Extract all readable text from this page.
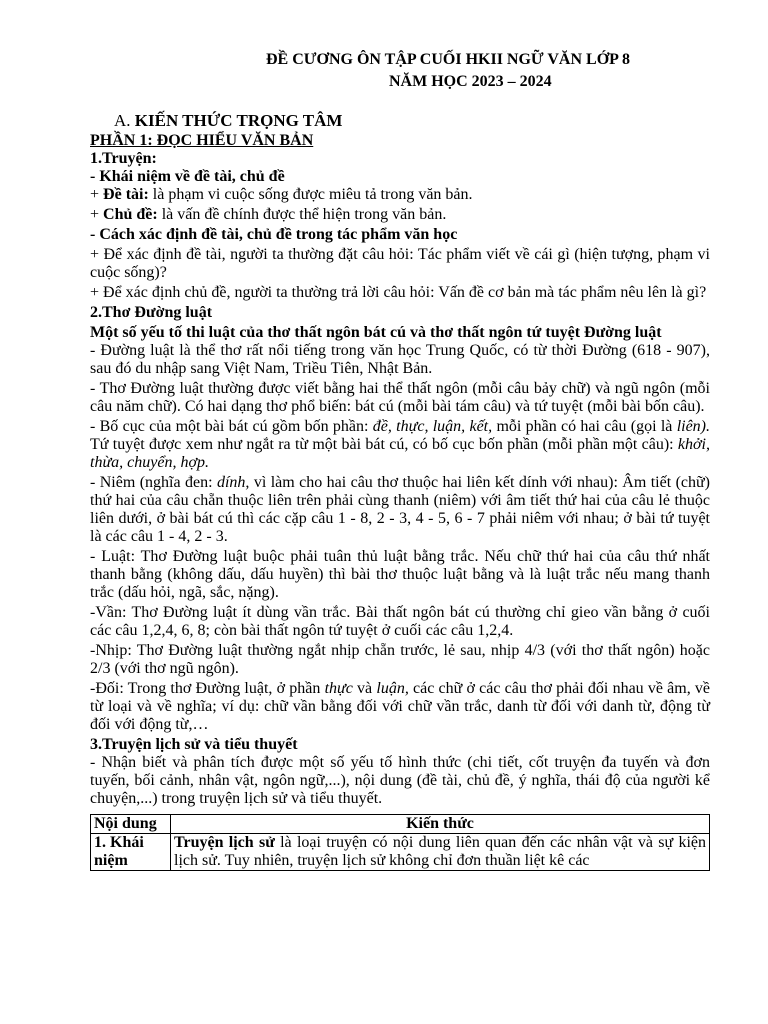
ĐỀ CƯƠNG ÔN TẬP CUỐI HKII NGỮ VĂN LỚP 8
NĂM HỌC 2023 – 2024
A. KIẾN THỨC TRỌNG TÂM

PHẦN 1: ĐỌC HIỂU VĂN BẢN

1.Truyện:

- Khái niệm về đề tài, chủ đề

+ Đề tài: là phạm vi cuộc sống được miêu tả trong văn bản.

+ Chủ đề: là vấn đề chính được thể hiện trong văn bản.

- Cách xác định đề tài, chủ đề trong tác phẩm văn học

+ Để xác định đề tài, người ta thường đặt câu hỏi: Tác phẩm viết về cái gì (hiện tượng, phạm vi cuộc sống)?

+ Để xác định chủ đề, người ta thường trả lời câu hỏi: Vấn đề cơ bản mà tác phẩm nêu lên là gì?

2.Thơ Đường luật

Một số yếu tố thi luật của thơ thất ngôn bát cú và thơ thất ngôn tứ tuyệt Đường luật

- Đường luật là thể thơ rất nổi tiếng trong văn học Trung Quốc, có từ thời Đường (618 - 907), sau đó du nhập sang Việt Nam, Triều Tiên, Nhật Bản.

- Thơ Đường luật thường được viết bằng hai thể thất ngôn (mỗi câu bảy chữ) và ngũ ngôn (mỗi câu năm chữ). Có hai dạng thơ phổ biến: bát cú (mỗi bài tám câu) và tứ tuyệt (mỗi bài bốn câu).

- Bố cục của một bài bát cú gồm bốn phần: đề, thực, luận, kết, mỗi phần có hai câu (gọi là liên). Tứ tuyệt được xem như ngắt ra từ một bài bát cú, có bố cục bốn phần (mỗi phần một câu): khởi, thừa, chuyển, hợp.

- Niêm (nghĩa đen: dính, vì làm cho hai câu thơ thuộc hai liên kết dính với nhau): Âm tiết (chữ) thứ hai của câu chẵn thuộc liên trên phải cùng thanh (niêm) với âm tiết thứ hai của câu lẻ thuộc liên dưới, ở bài bát cú thì các cặp câu 1 - 8, 2 - 3, 4 - 5, 6 - 7 phải niêm với nhau; ở bài tứ tuyệt là các câu 1 - 4, 2 - 3.

- Luật: Thơ Đường luật buộc phải tuân thủ luật bằng trắc. Nếu chữ thứ hai của câu thứ nhất thanh bằng (không dấu, dấu huyền) thì bài thơ thuộc luật bằng và là luật trắc nếu mang thanh trắc (dấu hỏi, ngã, sắc, nặng).

-Vần: Thơ Đường luật ít dùng vần trắc. Bài thất ngôn bát cú thường chỉ gieo vần bằng ở cuối các câu 1,2,4, 6, 8; còn bài thất ngôn tứ tuyệt ở cuối các câu 1,2,4.

-Nhịp: Thơ Đường luật thường ngắt nhịp chẵn trước, lẻ sau, nhịp 4/3 (với thơ thất ngôn) hoặc 2/3 (với thơ ngũ ngôn).

-Đối: Trong thơ Đường luật, ở phần thực và luận, các chữ ở các câu thơ phải đối nhau về âm, về từ loại và về nghĩa; ví dụ: chữ vần bằng đối với chữ vần trắc, danh từ đối với danh từ, động từ đối với động từ,…

3.Truyện lịch sử và tiểu thuyết

- Nhận biết và phân tích được một số yếu tố hình thức (chi tiết, cốt truyện đa tuyến và đơn tuyến, bối cảnh, nhân vật, ngôn ngữ,...), nội dung (đề tài, chủ đề, ý nghĩa, thái độ của người kể chuyện,...) trong truyện lịch sử và tiểu thuyết.

Nội dung	Kiến thức
1. Khái niệm	Truyện lịch sử là loại truyện có nội dung liên quan đến các nhân vật và sự kiện lịch sử. Tuy nhiên, truyện lịch sử không chỉ đơn thuần liệt kê các
